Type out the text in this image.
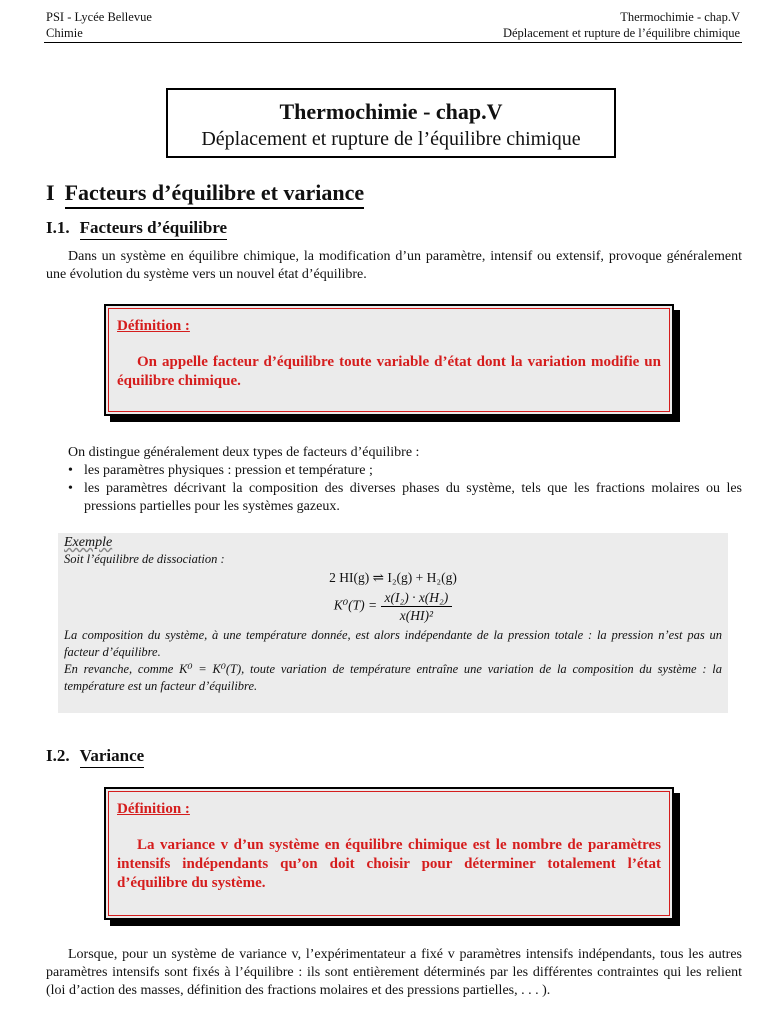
PSI - Lycée Bellevue
Chimie
Thermochimie - chap.V
Déplacement et rupture de l’équilibre chimique
Thermochimie - chap.V
Déplacement et rupture de l’équilibre chimique
I Facteurs d’équilibre et variance
I.1. Facteurs d’équilibre
Dans un système en équilibre chimique, la modification d’un paramètre, intensif ou extensif, provoque généralement une évolution du système vers un nouvel état d’équilibre.
Définition :
On appelle facteur d’équilibre toute variable d’état dont la variation modifie un équilibre chimique.
On distingue généralement deux types de facteurs d’équilibre :
• les paramètres physiques : pression et température ;
• les paramètres décrivant la composition des diverses phases du système, tels que les fractions molaires ou les pressions partielles pour les systèmes gazeux.
Exemple
Soit l’équilibre de dissociation :
2 HI(g) ⇌ I₂(g) + H₂(g)
$K^0(T) = \frac{\text{x(I₂) · x(H₂)}}{\text{x(HI)²}}$
La composition du système, à une température donnée, est alors indépendante de la pression totale : la pression n’est pas un facteur d’équilibre.
En revanche, comme K⁰ = K⁰(T), toute variation de température entraîne une variation de la composition du système : la température est un facteur d’équilibre.
I.2. Variance
Définition :
La variance v d’un système en équilibre chimique est le nombre de paramètres intensifs indépendants qu’on doit choisir pour déterminer totalement l’état d’équilibre du système.
Lorsque, pour un système de variance v, l’expérimentateur a fixé v paramètres intensifs indépendants, tous les autres paramètres intensifs sont fixés à l’équilibre : ils sont entièrement déterminés par les différentes contraintes qui les relient (loi d’action des masses, définition des fractions molaires et des pressions partielles, . . . ).
